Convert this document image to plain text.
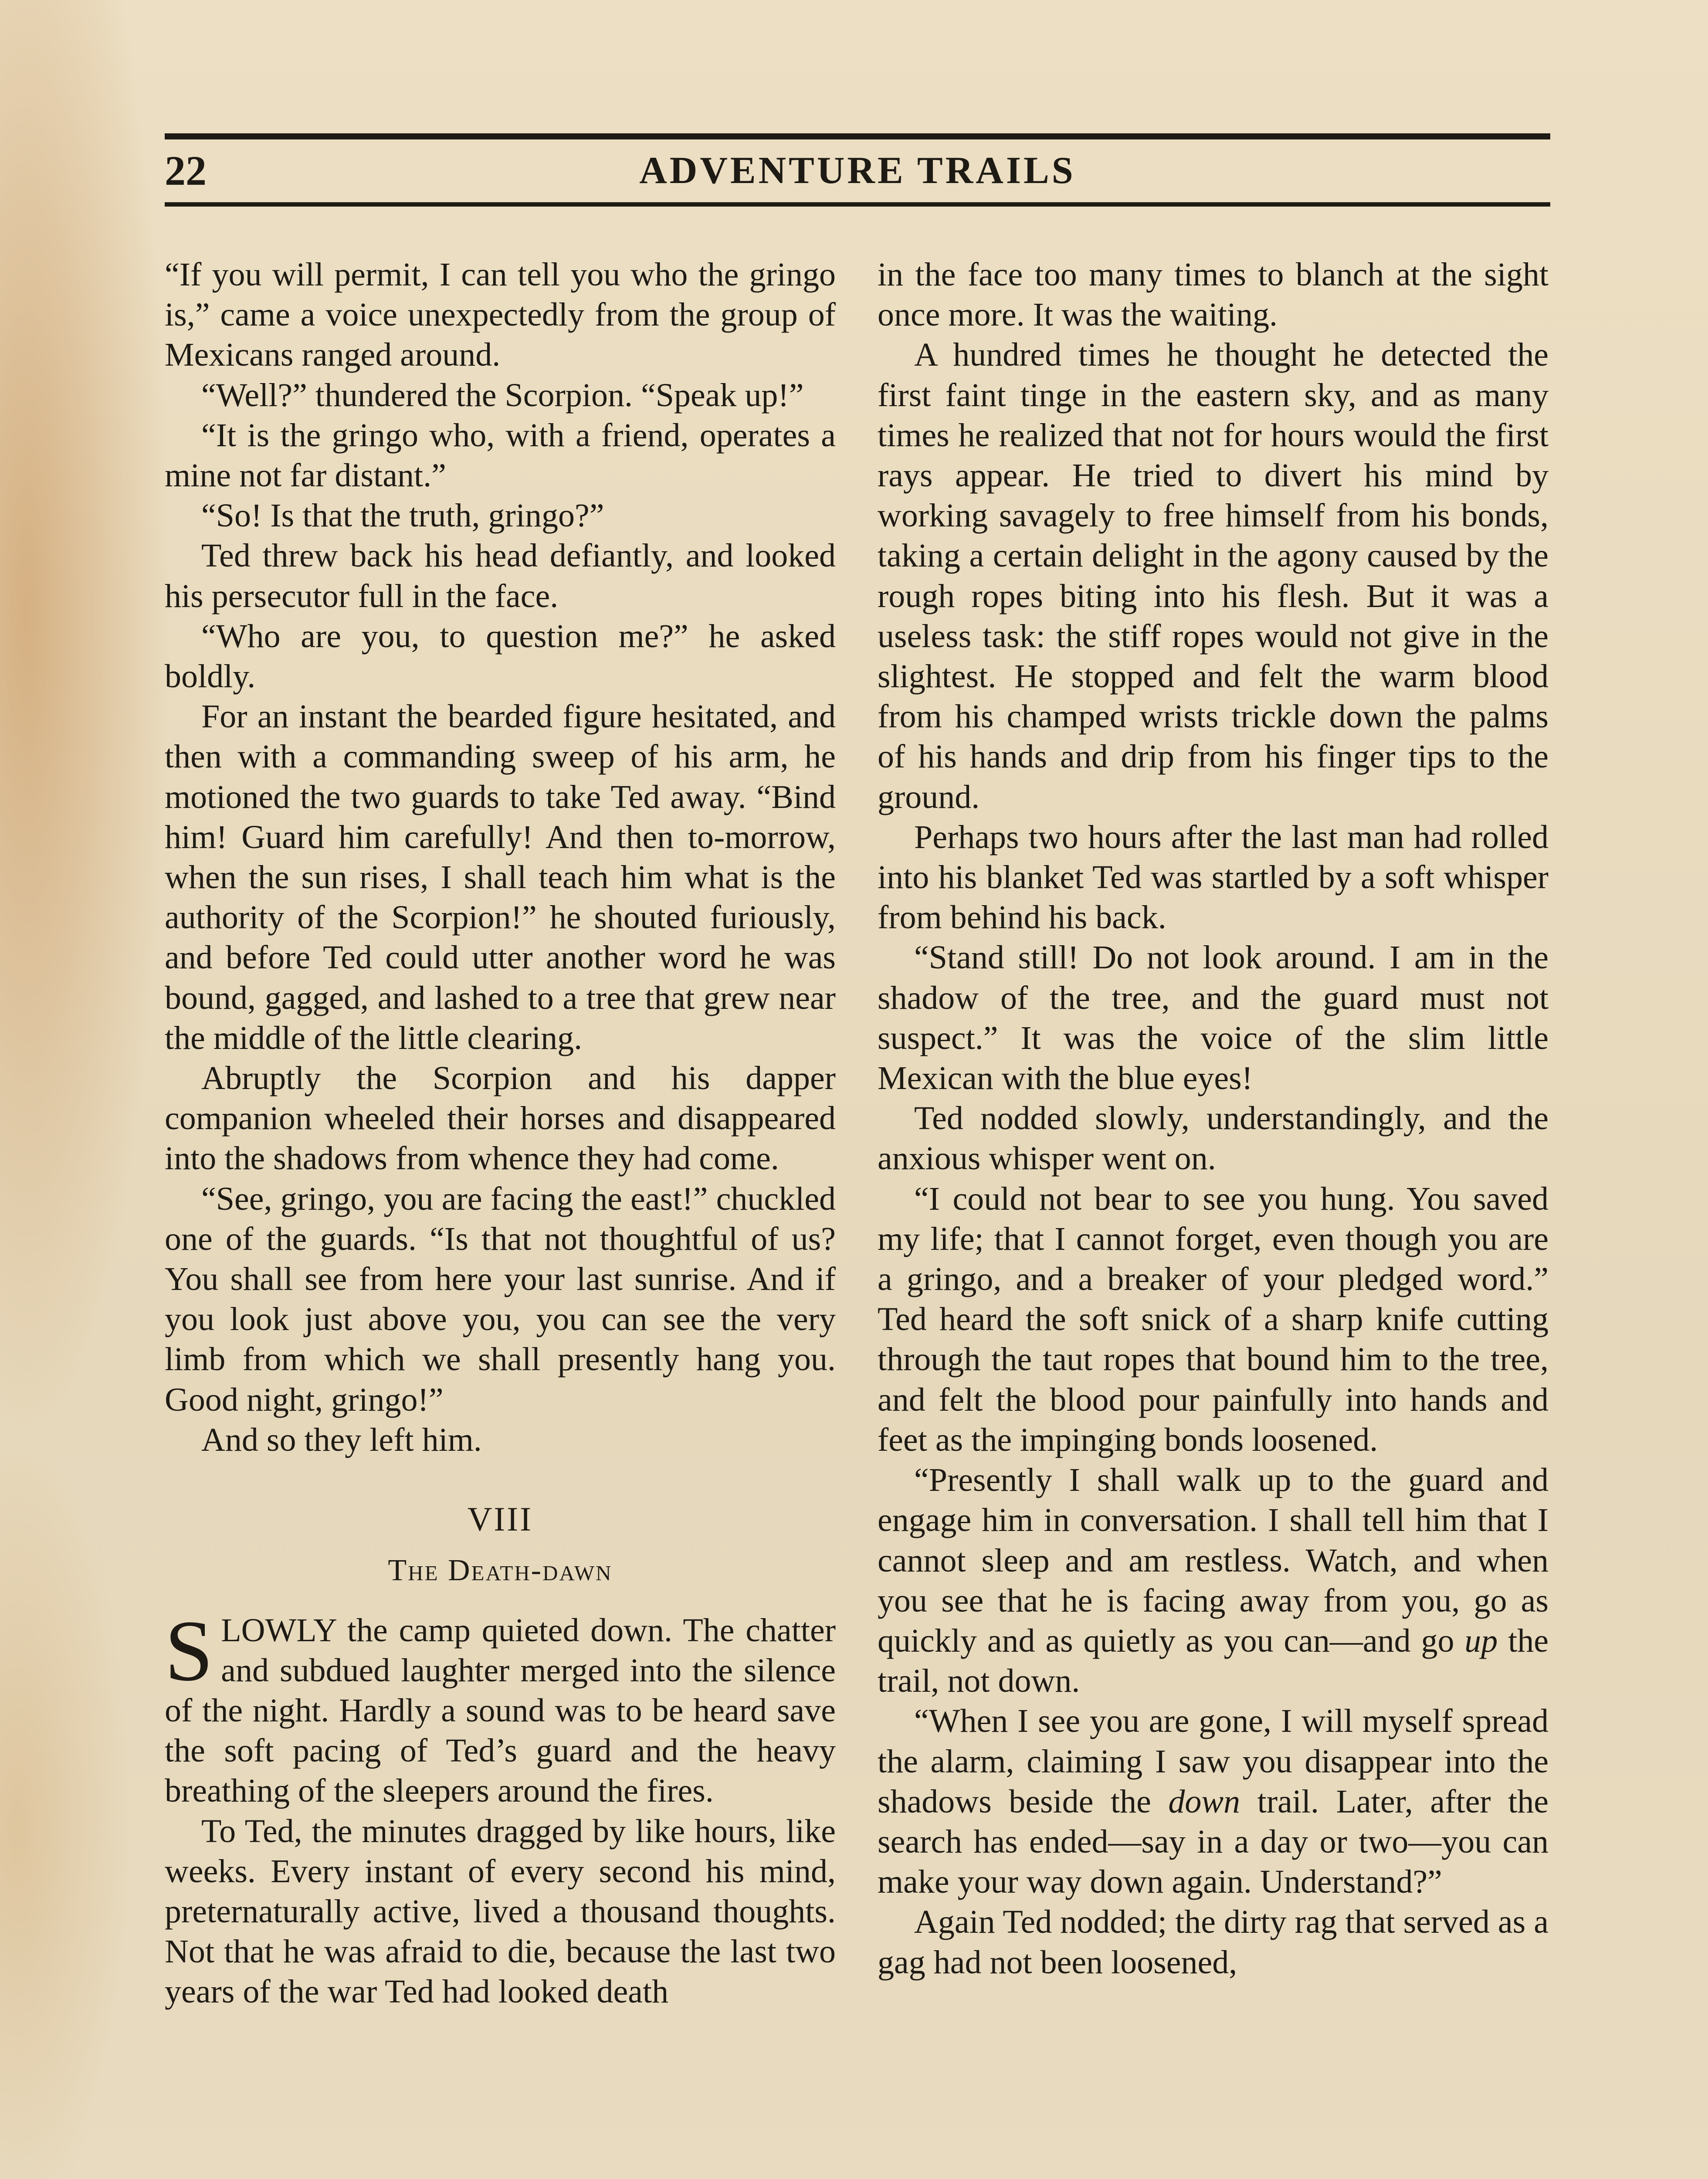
22	ADVENTURE TRAILS

“If you will permit, I can tell you who the gringo is,” came a voice unexpectedly from the group of Mexicans ranged around.

“Well?” thundered the Scorpion. “Speak up!”

“It is the gringo who, with a friend, operates a mine not far distant.”

“So! Is that the truth, gringo?”

Ted threw back his head defiantly, and looked his persecutor full in the face.

“Who are you, to question me?” he asked boldly.

For an instant the bearded figure hesitated, and then with a commanding sweep of his arm, he motioned the two guards to take Ted away. “Bind him! Guard him carefully! And then to-morrow, when the sun rises, I shall teach him what is the authority of the Scorpion!” he shouted furiously, and before Ted could utter another word he was bound, gagged, and lashed to a tree that grew near the middle of the little clearing.

Abruptly the Scorpion and his dapper companion wheeled their horses and disappeared into the shadows from whence they had come.

“See, gringo, you are facing the east!” chuckled one of the guards. “Is that not thoughtful of us? You shall see from here your last sunrise. And if you look just above you, you can see the very limb from which we shall presently hang you. Good night, gringo!”

And so they left him.

VIII
The Death-dawn

SLOWLY the camp quieted down. The chatter and subdued laughter merged into the silence of the night. Hardly a sound was to be heard save the soft pacing of Ted’s guard and the heavy breathing of the sleepers around the fires.

To Ted, the minutes dragged by like hours, like weeks. Every instant of every second his mind, preternaturally active, lived a thousand thoughts. Not that he was afraid to die, because the last two years of the war Ted had looked death

in the face too many times to blanch at the sight once more. It was the waiting.

A hundred times he thought he detected the first faint tinge in the eastern sky, and as many times he realized that not for hours would the first rays appear. He tried to divert his mind by working savagely to free himself from his bonds, taking a certain delight in the agony caused by the rough ropes biting into his flesh. But it was a useless task: the stiff ropes would not give in the slightest. He stopped and felt the warm blood from his champed wrists trickle down the palms of his hands and drip from his finger tips to the ground.

Perhaps two hours after the last man had rolled into his blanket Ted was startled by a soft whisper from behind his back.

“Stand still! Do not look around. I am in the shadow of the tree, and the guard must not suspect.” It was the voice of the slim little Mexican with the blue eyes!

Ted nodded slowly, understandingly, and the anxious whisper went on.

“I could not bear to see you hung. You saved my life; that I cannot forget, even though you are a gringo, and a breaker of your pledged word.” Ted heard the soft snick of a sharp knife cutting through the taut ropes that bound him to the tree, and felt the blood pour painfully into hands and feet as the impinging bonds loosened.

“Presently I shall walk up to the guard and engage him in conversation. I shall tell him that I cannot sleep and am restless. Watch, and when you see that he is facing away from you, go as quickly and as quietly as you can—and go up the trail, not down.

“When I see you are gone, I will myself spread the alarm, claiming I saw you disappear into the shadows beside the down trail. Later, after the search has ended—say in a day or two—you can make your way down again. Understand?”

Again Ted nodded; the dirty rag that served as a gag had not been loosened,
